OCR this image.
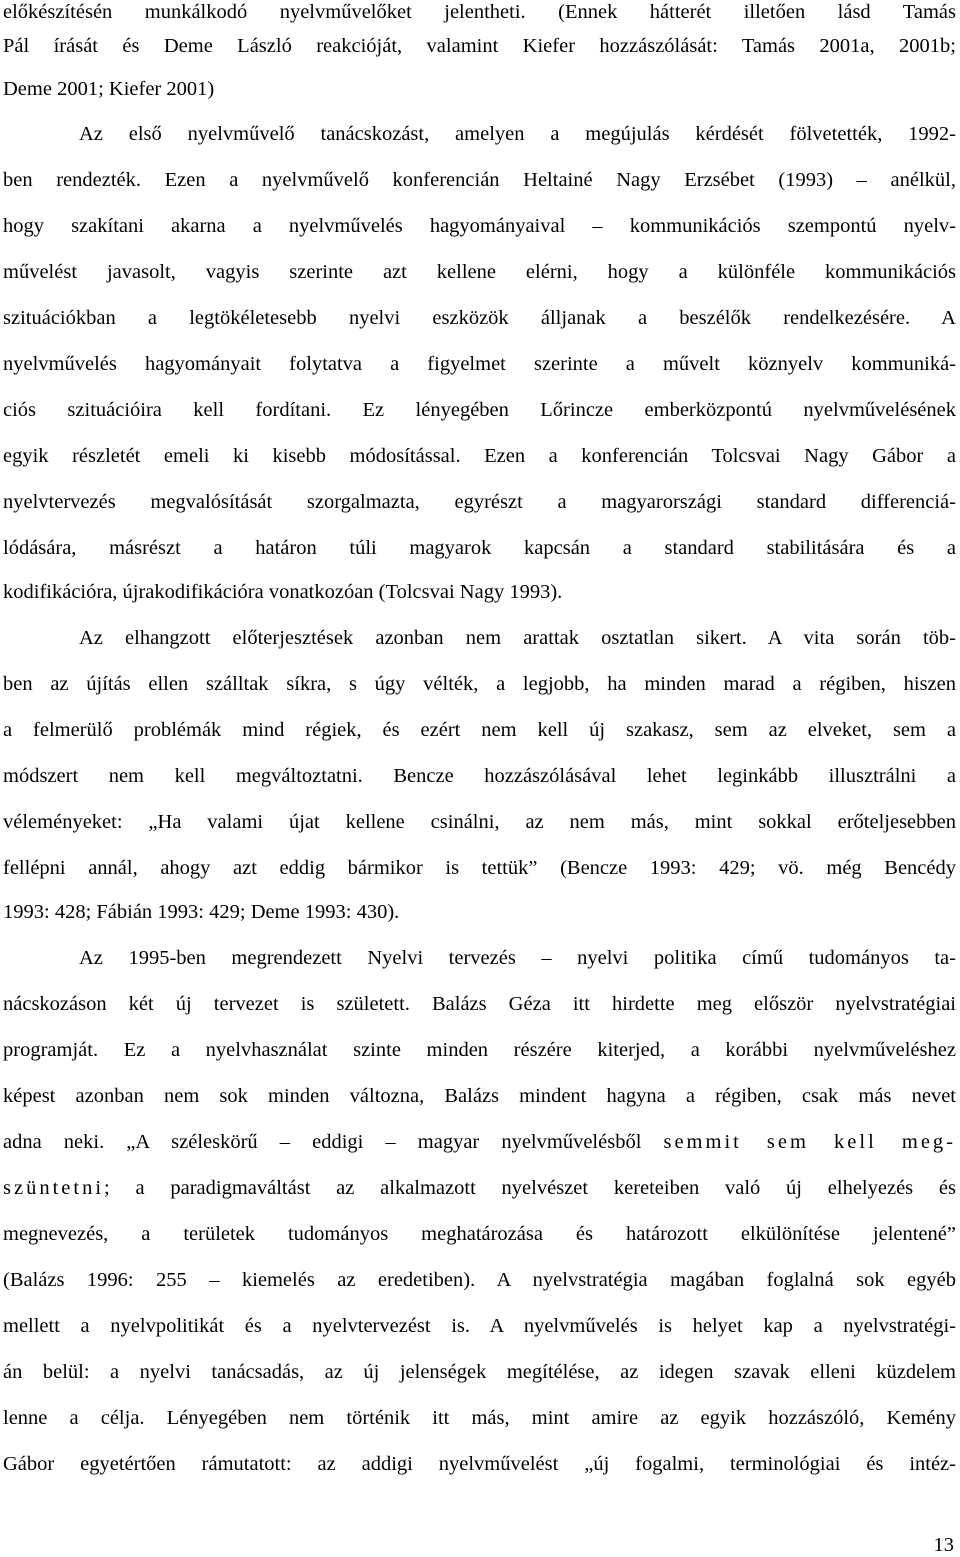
előkészítésén munkálkodó nyelvművelőket jelentheti. (Ennek hátterét illetően lásd Tamás
Pál írását és Deme László reakcióját, valamint Kiefer hozzászólását: Tamás 2001a, 2001b;
Deme 2001; Kiefer 2001)
Az első nyelvművelő tanácskozást, amelyen a megújulás kérdését fölvetették, 1992-
ben rendezték. Ezen a nyelvművelő konferencián Heltainé Nagy Erzsébet (1993) – anélkül,
hogy szakítani akarna a nyelvművelés hagyományaival – kommunikációs szempontú nyelv-
művelést javasolt, vagyis szerinte azt kellene elérni, hogy a különféle kommunikációs
szituációkban a legtökéletesebb nyelvi eszközök álljanak a beszélők rendelkezésére. A
nyelvművelés hagyományait folytatva a figyelmet szerinte a művelt köznyelv kommuniká-
ciós szituációira kell fordítani. Ez lényegében Lőrincze emberközpontú nyelvművelésének
egyik részletét emeli ki kisebb módosítással. Ezen a konferencián Tolcsvai Nagy Gábor a
nyelvtervezés megvalósítását szorgalmazta, egyrészt a magyarországi standard differenciá-
lódására, másrészt a határon túli magyarok kapcsán a standard stabilitására és a
kodifikációra, újrakodifikációra vonatkozóan (Tolcsvai Nagy 1993).
Az elhangzott előterjesztések azonban nem arattak osztatlan sikert. A vita során töb-
ben az újítás ellen szálltak síkra, s úgy vélték, a legjobb, ha minden marad a régiben, hiszen
a felmerülő problémák mind régiek, és ezért nem kell új szakasz, sem az elveket, sem a
módszert nem kell megváltoztatni. Bencze hozzászólásával lehet leginkább illusztrálni a
véleményeket: „Ha valami újat kellene csinálni, az nem más, mint sokkal erőteljesebben
fellépni annál, ahogy azt eddig bármikor is tettük” (Bencze 1993: 429; vö. még Bencédy
1993: 428; Fábián 1993: 429; Deme 1993: 430).
Az 1995-ben megrendezett Nyelvi tervezés – nyelvi politika című tudományos ta-
nácskozáson két új tervezet is született. Balázs Géza itt hirdette meg először nyelvstratégiai
programját. Ez a nyelvhasználat szinte minden részére kiterjed, a korábbi nyelvműveléshez
képest azonban nem sok minden változna, Balázs mindent hagyna a régiben, csak más nevet
adna neki. „A széleskörű – eddigi – magyar nyelvművelésből semmit sem kell meg-
szüntetni; a paradigmaváltást az alkalmazott nyelvészet kereteiben való új elhelyezés és
megnevezés, a területek tudományos meghatározása és határozott elkülönítése jelentené”
(Balázs 1996: 255 – kiemelés az eredetiben). A nyelvstratégia magában foglalná sok egyéb
mellett a nyelvpolitikát és a nyelvtervezést is. A nyelvművelés is helyet kap a nyelvstratégi-
án belül: a nyelvi tanácsadás, az új jelenségek megítélése, az idegen szavak elleni küzdelem
lenne a célja. Lényegében nem történik itt más, mint amire az egyik hozzászóló, Kemény
Gábor egyetértően rámutatott: az addigi nyelvművelést „új fogalmi, terminológiai és intéz-
13
